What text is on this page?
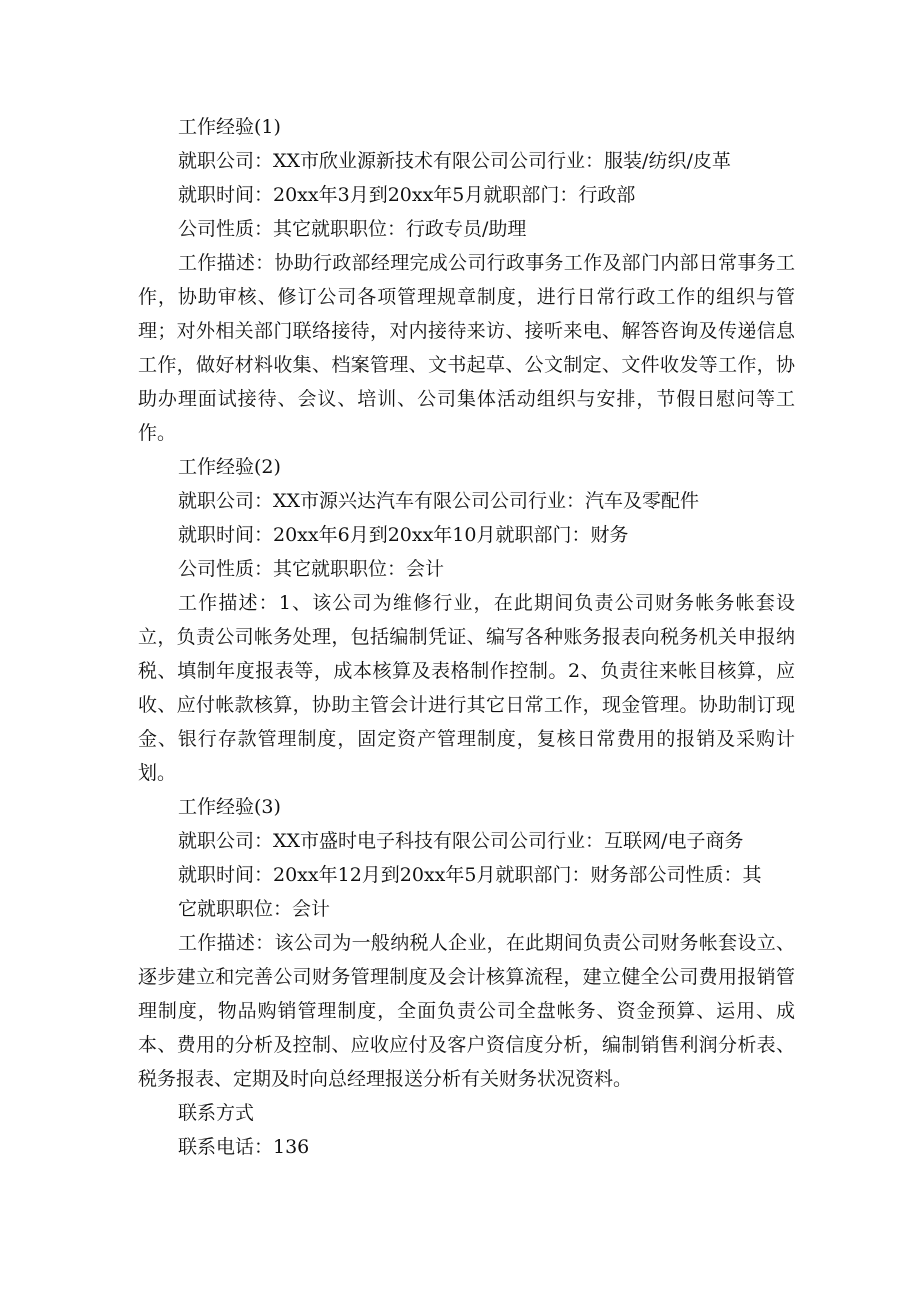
工作经验(1)

就职公司：XX市欣业源新技术有限公司公司行业：服装/纺织/皮革

就职时间：20xx年3月到20xx年5月就职部门：行政部

公司性质：其它就职职位：行政专员/助理

工作描述：协助行政部经理完成公司行政事务工作及部门内部日常事务工作，协助审核、修订公司各项管理规章制度，进行日常行政工作的组织与管理；对外相关部门联络接待，对内接待来访、接听来电、解答咨询及传递信息工作，做好材料收集、档案管理、文书起草、公文制定、文件收发等工作，协助办理面试接待、会议、培训、公司集体活动组织与安排，节假日慰问等工作。

工作经验(2)

就职公司：XX市源兴达汽车有限公司公司行业：汽车及零配件

就职时间：20xx年6月到20xx年10月就职部门：财务

公司性质：其它就职职位：会计

工作描述：1、该公司为维修行业，在此期间负责公司财务帐务帐套设立，负责公司帐务处理，包括编制凭证、编写各种账务报表向税务机关申报纳税、填制年度报表等，成本核算及表格制作控制。2、负责往来帐目核算，应收、应付帐款核算，协助主管会计进行其它日常工作，现金管理。协助制订现金、银行存款管理制度，固定资产管理制度，复核日常费用的报销及采购计划。

工作经验(3)

就职公司：XX市盛时电子科技有限公司公司行业：互联网/电子商务

就职时间：20xx年12月到20xx年5月就职部门：财务部公司性质：其

它就职职位：会计

工作描述：该公司为一般纳税人企业，在此期间负责公司财务帐套设立、逐步建立和完善公司财务管理制度及会计核算流程，建立健全公司费用报销管理制度，物品购销管理制度，全面负责公司全盘帐务、资金预算、运用、成本、费用的分析及控制、应收应付及客户资信度分析，编制销售利润分析表、税务报表、定期及时向总经理报送分析有关财务状况资料。

联系方式

联系电话：136
